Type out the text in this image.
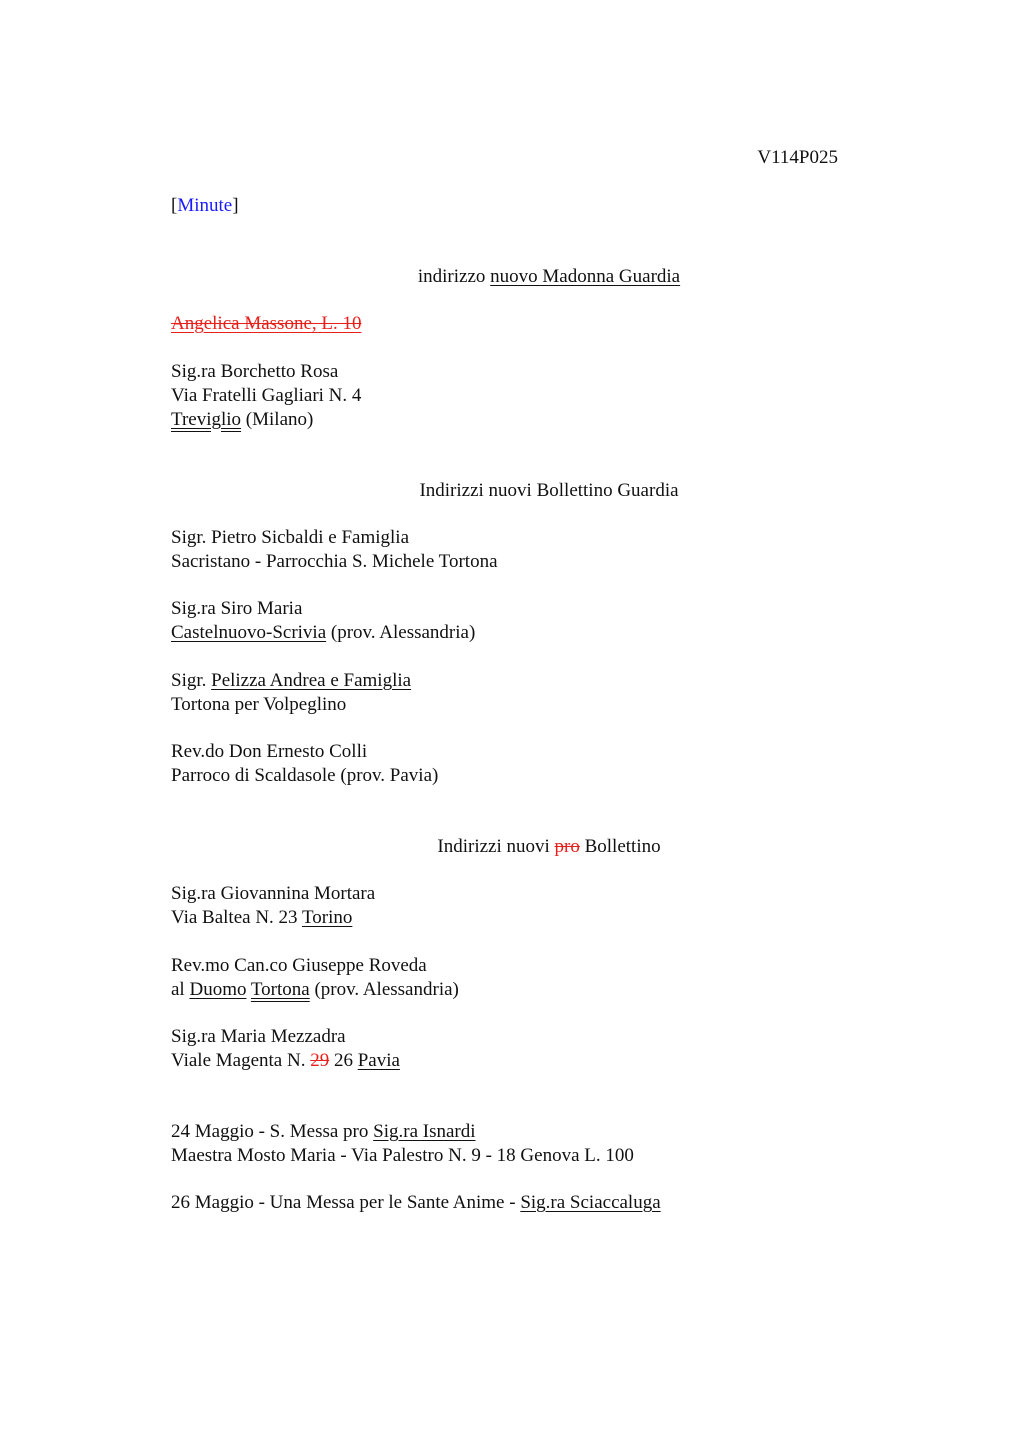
V114P025
[Minute]
indirizzo nuovo Madonna Guardia
Angelica Massone, L. 10
Sig.ra Borchetto Rosa
Via Fratelli Gagliari N. 4
Treviglio (Milano)
Indirizzi nuovi Bollettino Guardia
Sigr. Pietro Sicbaldi e Famiglia
Sacristano - Parrocchia S. Michele Tortona
Sig.ra Siro Maria
Castelnuovo-Scrivia (prov. Alessandria)
Sigr. Pelizza Andrea e Famiglia
Tortona per Volpeglino
Rev.do Don Ernesto Colli
Parroco di Scaldasole (prov. Pavia)
Indirizzi nuovi pro Bollettino
Sig.ra Giovannina Mortara
Via Baltea N. 23 Torino
Rev.mo Can.co Giuseppe Roveda
al Duomo Tortona (prov. Alessandria)
Sig.ra Maria Mezzadra
Viale Magenta N. 29 26 Pavia
24 Maggio - S. Messa pro Sig.ra Isnardi
Maestra Mosto Maria - Via Palestro N. 9 - 18 Genova L. 100
26 Maggio - Una Messa per le Sante Anime - Sig.ra Sciaccaluga
